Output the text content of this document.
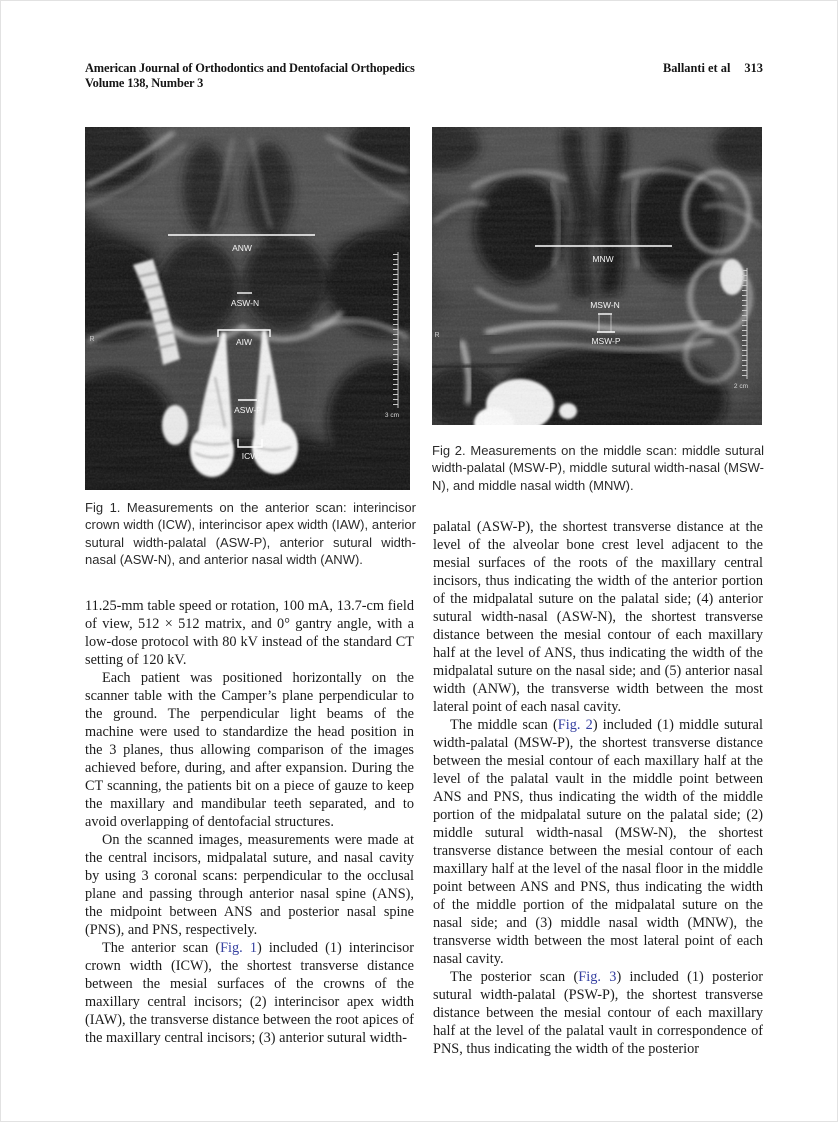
American Journal of Orthodontics and Dentofacial Orthopedics
Volume 138, Number 3
Ballanti et al 313
ANW
ASW-N
AIW
ASW-P
ICW
R
3 cm
MNW
MSW-N
MSW-P
R
2 cm
Fig 1. Measurements on the anterior scan: interincisor crown width (ICW), interincisor apex width (IAW), anterior sutural width-palatal (ASW-P), anterior sutural width-nasal (ASW-N), and anterior nasal width (ANW).
Fig 2. Measurements on the middle scan: middle sutural width-palatal (MSW-P), middle sutural width-nasal (MSW-N), and middle nasal width (MNW).

11.25-mm table speed or rotation, 100 mA, 13.7-cm field of view, 512 × 512 matrix, and 0° gantry angle, with a low-dose protocol with 80 kV instead of the standard CT setting of 120 kV.

Each patient was positioned horizontally on the scanner table with the Camper’s plane perpendicular to the ground. The perpendicular light beams of the machine were used to standardize the head position in the 3 planes, thus allowing comparison of the images achieved before, during, and after expansion. During the CT scanning, the patients bit on a piece of gauze to keep the maxillary and mandibular teeth separated, and to avoid overlapping of dentofacial structures.

On the scanned images, measurements were made at the central incisors, midpalatal suture, and nasal cavity by using 3 coronal scans: perpendicular to the occlusal plane and passing through anterior nasal spine (ANS), the midpoint between ANS and posterior nasal spine (PNS), and PNS, respectively.

The anterior scan (Fig. 1) included (1) interincisor crown width (ICW), the shortest transverse distance between the mesial surfaces of the crowns of the maxillary central incisors; (2) interincisor apex width (IAW), the transverse distance between the root apices of the maxillary central incisors; (3) anterior sutural width-

palatal (ASW-P), the shortest transverse distance at the level of the alveolar bone crest level adjacent to the mesial surfaces of the roots of the maxillary central incisors, thus indicating the width of the anterior portion of the midpalatal suture on the palatal side; (4) anterior sutural width-nasal (ASW-N), the shortest transverse distance between the mesial contour of each maxillary half at the level of ANS, thus indicating the width of the midpalatal suture on the nasal side; and (5) anterior nasal width (ANW), the transverse width between the most lateral point of each nasal cavity.

The middle scan (Fig. 2) included (1) middle sutural width-palatal (MSW-P), the shortest transverse distance between the mesial contour of each maxillary half at the level of the palatal vault in the middle point between ANS and PNS, thus indicating the width of the middle portion of the midpalatal suture on the palatal side; (2) middle sutural width-nasal (MSW-N), the shortest transverse distance between the mesial contour of each maxillary half at the level of the nasal floor in the middle point between ANS and PNS, thus indicating the width of the middle portion of the midpalatal suture on the nasal side; and (3) middle nasal width (MNW), the transverse width between the most lateral point of each nasal cavity.

The posterior scan (Fig. 3) included (1) posterior sutural width-palatal (PSW-P), the shortest transverse distance between the mesial contour of each maxillary half at the level of the palatal vault in correspondence of PNS, thus indicating the width of the posterior
